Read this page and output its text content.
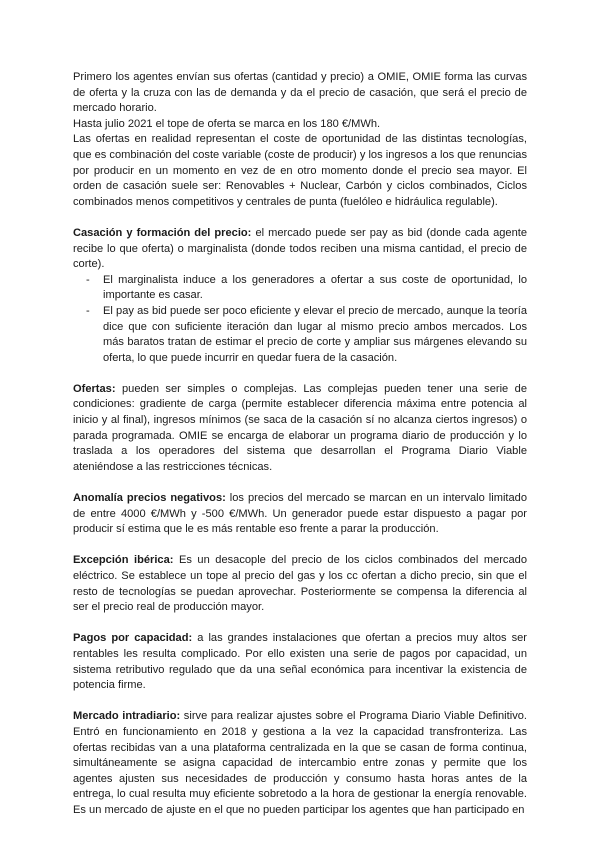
Primero los agentes envían sus ofertas (cantidad y precio) a OMIE, OMIE forma las curvas de oferta y la cruza con las de demanda y da el precio de casación, que será el precio de mercado horario.

Hasta julio 2021 el tope de oferta se marca en los 180 €/MWh.

Las ofertas en realidad representan el coste de oportunidad de las distintas tecnologías, que es combinación del coste variable (coste de producir) y los ingresos a los que renuncias por producir en un momento en vez de en otro momento donde el precio sea mayor. El orden de casación suele ser: Renovables + Nuclear, Carbón y ciclos combinados, Ciclos combinados menos competitivos y centrales de punta (fuelóleo e hidráulica regulable).

Casación y formación del precio: el mercado puede ser pay as bid (donde cada agente recibe lo que oferta) o marginalista (donde todos reciben una misma cantidad, el precio de corte).

- El marginalista induce a los generadores a ofertar a sus coste de oportunidad, lo importante es casar.
- El pay as bid puede ser poco eficiente y elevar el precio de mercado, aunque la teoría dice que con suficiente iteración dan lugar al mismo precio ambos mercados. Los más baratos tratan de estimar el precio de corte y ampliar sus márgenes elevando su oferta, lo que puede incurrir en quedar fuera de la casación.

Ofertas: pueden ser simples o complejas. Las complejas pueden tener una serie de condiciones: gradiente de carga (permite establecer diferencia máxima entre potencia al inicio y al final), ingresos mínimos (se saca de la casación sí no alcanza ciertos ingresos) o parada programada. OMIE se encarga de elaborar un programa diario de producción y lo traslada a los operadores del sistema que desarrollan el Programa Diario Viable ateniéndose a las restricciones técnicas.

Anomalía precios negativos: los precios del mercado se marcan en un intervalo limitado de entre 4000 €/MWh y -500 €/MWh. Un generador puede estar dispuesto a pagar por producir sí estima que le es más rentable eso frente a parar la producción.

Excepción ibérica: Es un desacople del precio de los ciclos combinados del mercado eléctrico. Se establece un tope al precio del gas y los cc ofertan a dicho precio, sin que el resto de tecnologías se puedan aprovechar. Posteriormente se compensa la diferencia al ser el precio real de producción mayor.

Pagos por capacidad: a las grandes instalaciones que ofertan a precios muy altos ser rentables les resulta complicado. Por ello existen una serie de pagos por capacidad, un sistema retributivo regulado que da una señal económica para incentivar la existencia de potencia firme.

Mercado intradiario: sirve para realizar ajustes sobre el Programa Diario Viable Definitivo. Entró en funcionamiento en 2018 y gestiona a la vez la capacidad transfronteriza. Las ofertas recibidas van a una plataforma centralizada en la que se casan de forma continua, simultáneamente se asigna capacidad de intercambio entre zonas y permite que los agentes ajusten sus necesidades de producción y consumo hasta horas antes de la entrega, lo cual resulta muy eficiente sobretodo a la hora de gestionar la energía renovable. Es un mercado de ajuste en el que no pueden participar los agentes que han participado en
